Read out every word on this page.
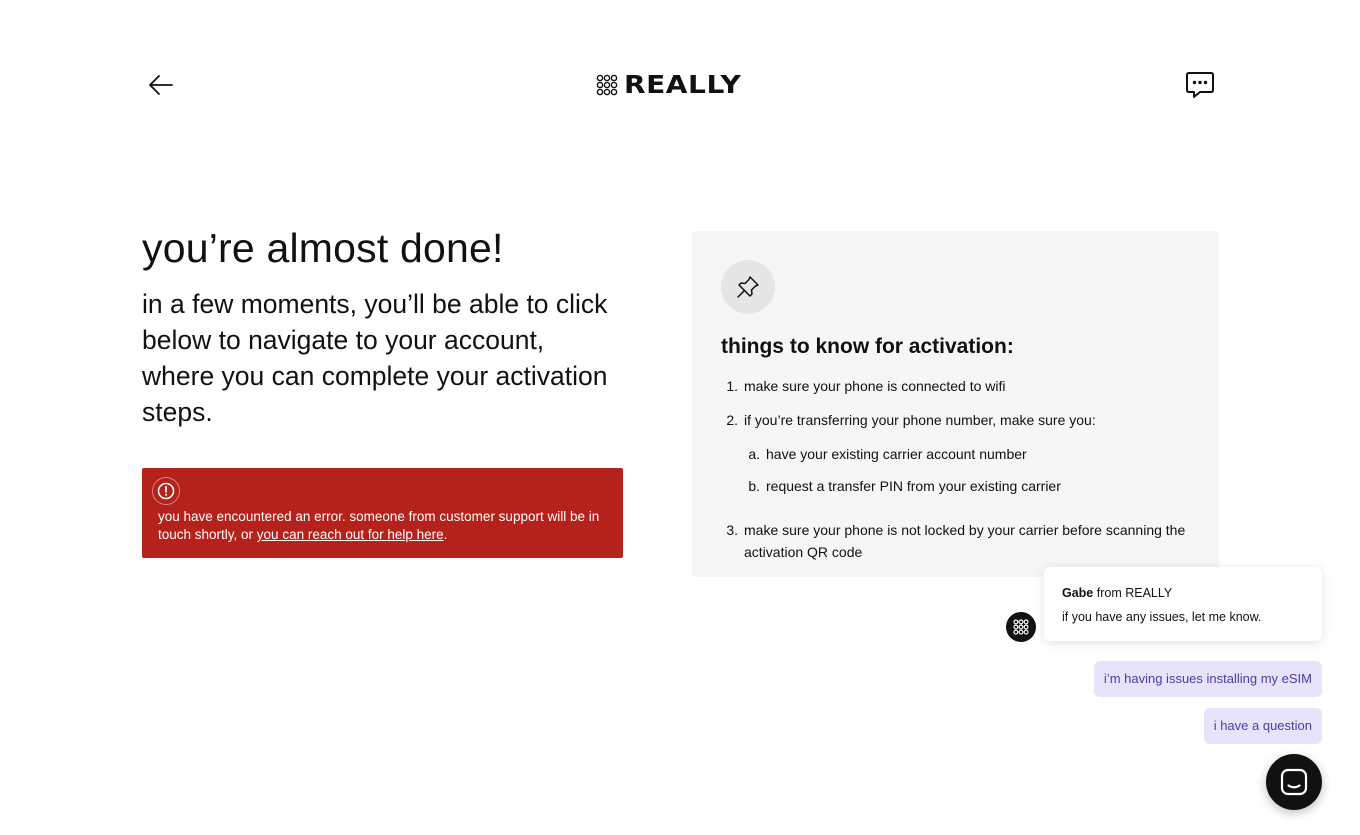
REALLY
you’re almost done!

in a few moments, you’ll be able to click below to navigate to your account, where you can complete your activation steps.

you have encountered an error. someone from customer support will be in touch shortly, or you can reach out for help here.

things to know for activation:
1. make sure your phone is connected to wifi
2. if you’re transferring your phone number, make sure you:
a. have your existing carrier account number
b. request a transfer PIN from your existing carrier
3. make sure your phone is not locked by your carrier before scanning the activation QR code
Gabe from REALLY
if you have any issues, let me know.
i’m having issues installing my eSIM
i have a question
